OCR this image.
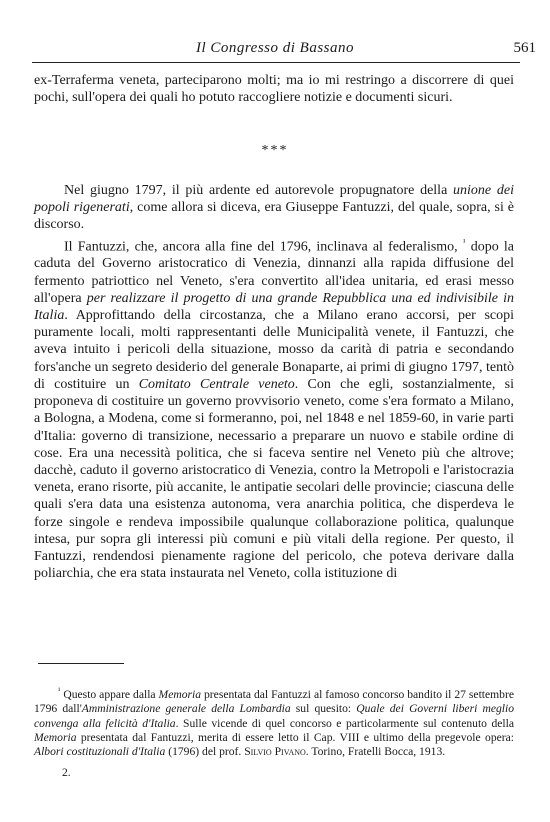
Il Congresso di Bassano	561

ex-Terraferma veneta, parteciparono molti; ma io mi restringo a discorrere di quei pochi, sull'opera dei quali ho potuto raccogliere notizie e documenti sicuri.

***

Nel giugno 1797, il più ardente ed autorevole propugnatore della unione dei popoli rigenerati, come allora si diceva, era Giuseppe Fantuzzi, del quale, sopra, si è discorso.

Il Fantuzzi, che, ancora alla fine del 1796, inclinava al federalismo, $^{^1}$ dopo la caduta del Governo aristocratico di Venezia, dinnanzi alla rapida diffusione del fermento patriottico nel Veneto, s'era convertito all'idea unitaria, ed erasi messo all'opera per realizzare il progetto di una grande Repubblica una ed indivisibile in Italia. Approfittando della circostanza, che a Milano erano accorsi, per scopi puramente locali, molti rappresentanti delle Municipalità venete, il Fantuzzi, che aveva intuito i pericoli della situazione, mosso da carità di patria e secondando fors'anche un segreto desiderio del generale Bonaparte, ai primi di giugno 1797, tentò di costituire un Comitato Centrale veneto. Con che egli, sostanzialmente, si proponeva di costituire un governo provvisorio veneto, come s'era formato a Milano, a Bologna, a Modena, come si formeranno, poi, nel 1848 e nel 1859-60, in varie parti d'Italia: governo di transizione, necessario a preparare un nuovo e stabile ordine di cose. Era una necessità politica, che si faceva sentire nel Veneto più che altrove; dacchè, caduto il governo aristocratico di Venezia, contro la Metropoli e l'aristocrazia veneta, erano risorte, più accanite, le antipatie secolari delle provincie; ciascuna delle quali s'era data una esistenza autonoma, vera anarchia politica, che disperdeva le forze singole e rendeva impossibile qualunque collaborazione politica, qualunque intesa, pur sopra gli interessi più comuni e più vitali della regione. Per questo, il Fantuzzi, rendendosi pienamente ragione del pericolo, che poteva derivare dalla poliarchia, che era stata instaurata nel Veneto, colla istituzione di

$^{^1}$ Questo appare dalla Memoria presentata dal Fantuzzi al famoso concorso bandito il 27 settembre 1796 dall'Amministrazione generale della Lombardia sul quesito: Quale dei Governi liberi meglio convenga alla felicità d'Italia. Sulle vicende di quel concorso e particolarmente sul contenuto della Memoria presentata dal Fantuzzi, merita di essere letto il Cap. VIII e ultimo della pregevole opera: Albori costituzionali d'Italia (1796) del prof. Silvio Pivano. Torino, Fratelli Bocca, 1913.

2.
